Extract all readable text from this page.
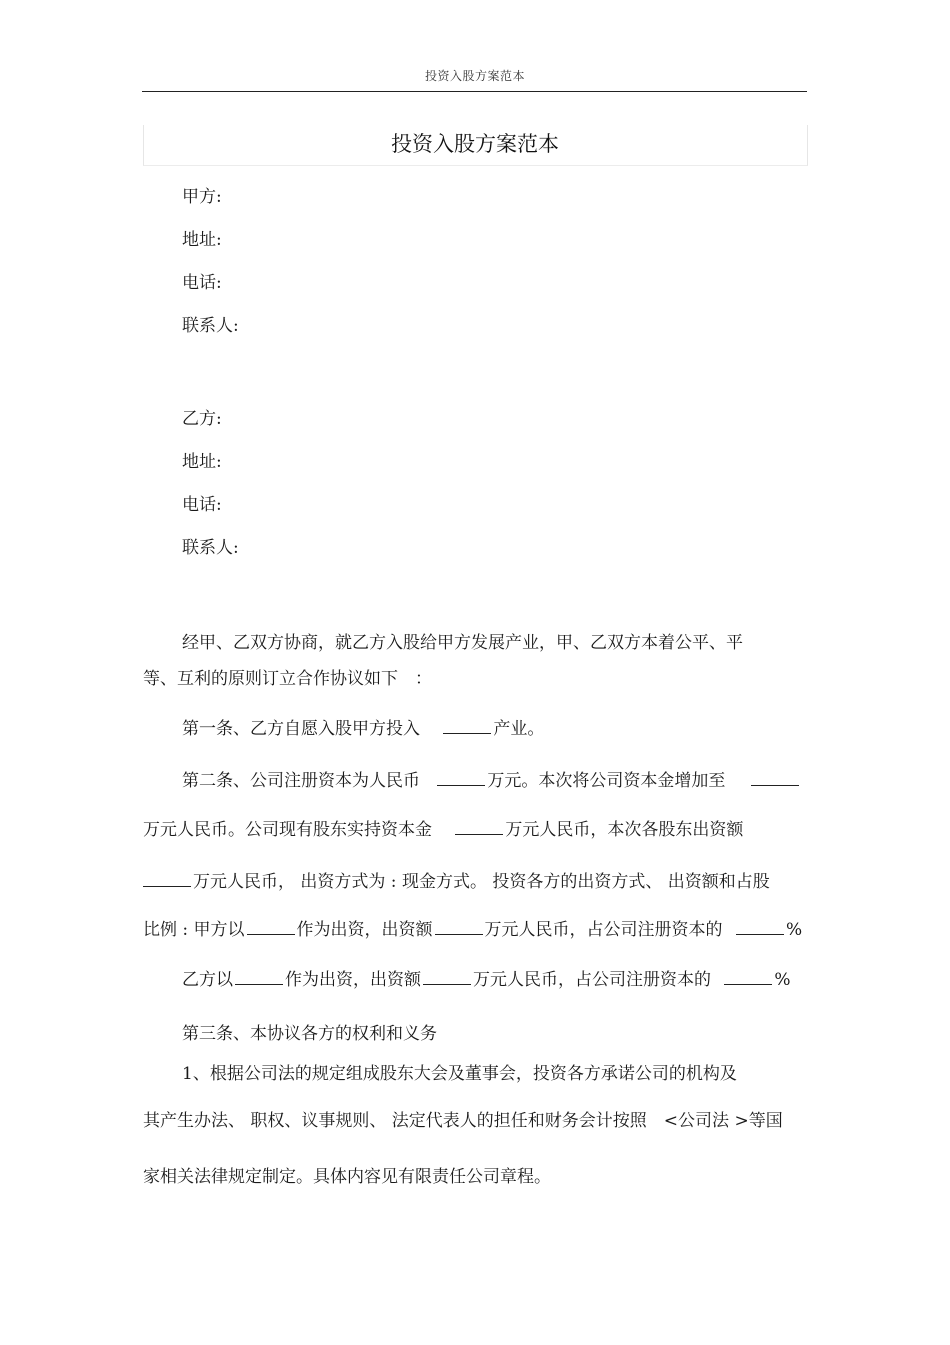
投资入股方案范本
投资入股方案范本
甲方:
地址:
电话:
联系人:
乙方:
地址:
电话:
联系人:
经甲、乙双方协商，就乙方入股给甲方发展产业，甲、乙双方本着公平、平
等、互利的原则订立合作协议如下　：
第一条、乙方自愿入股甲方投入	产业。
第二条、公司注册资本为人民币	万元。本次将公司资本金增加至
万元人民币。公司现有股东实持资本金	万元人民币，本次各股东出资额
万元人民币， 出资方式为 : 现金方式。 投资各方的出资方式、 出资额和占股
比例 : 甲方以	作为出资，出资额	万元人民币，占公司注册资本的	%
乙方以	作为出资，出资额	万元人民币，占公司注册资本的	%
第三条、本协议各方的权利和义务
1、根据公司法的规定组成股东大会及董事会，投资各方承诺公司的机构及
其产生办法、 职权、议事规则、 法定代表人的担任和财务会计按照　<公司法 >等国
家相关法律规定制定。具体内容见有限责任公司章程。
